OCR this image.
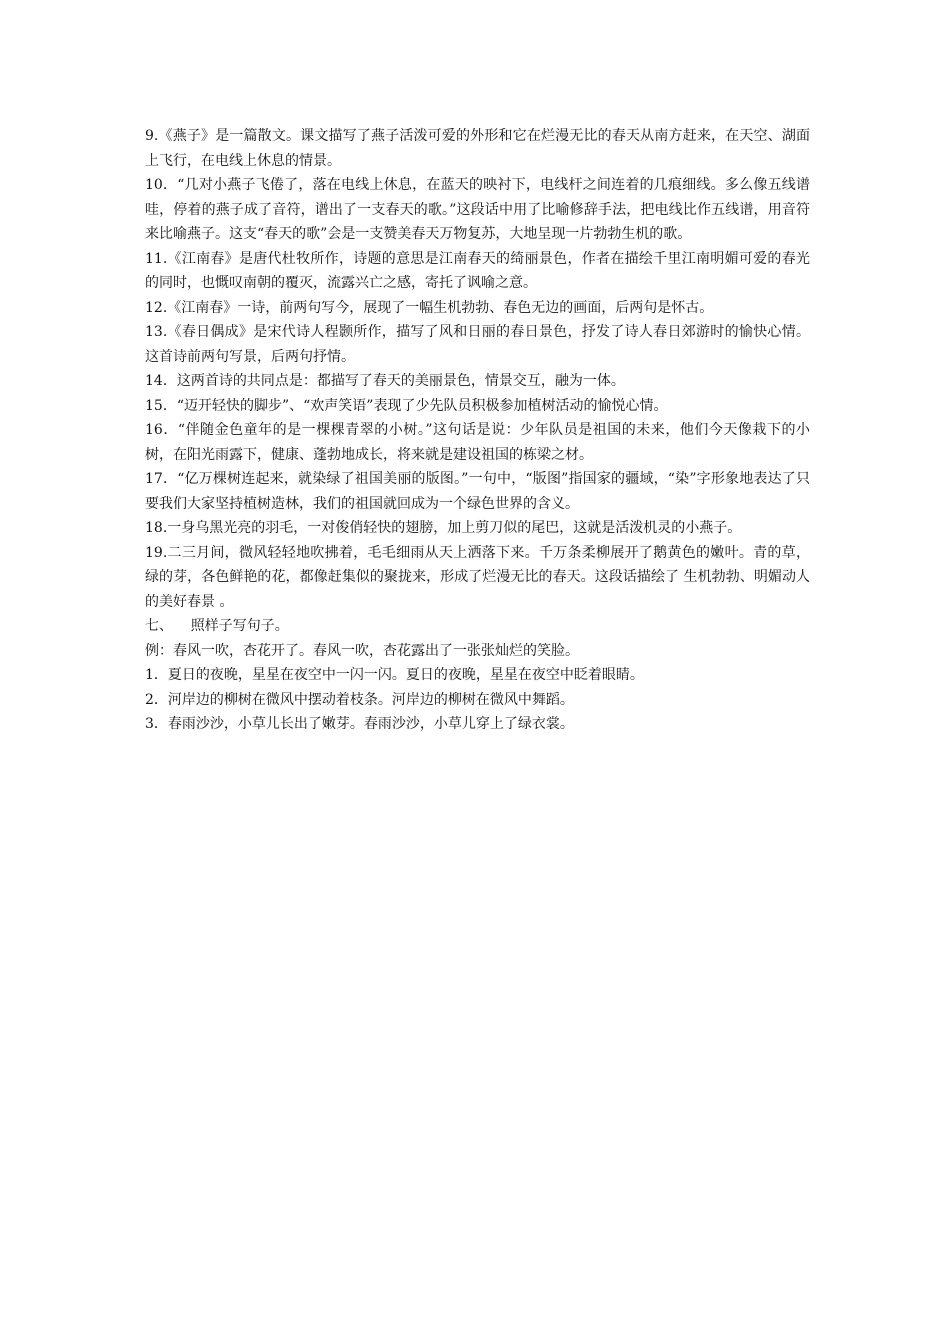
9.《燕子》是一篇散文。课文描写了燕子活泼可爱的外形和它在烂漫无比的春天从南方赶来，在天空、湖面上飞行，在电线上休息的情景。

10．“几对小燕子飞倦了，落在电线上休息，在蓝天的映衬下，电线杆之间连着的几痕细线。多么像五线谱哇，停着的燕子成了音符，谱出了一支春天的歌。”这段话中用了比喻修辞手法，把电线比作五线谱，用音符来比喻燕子。这支“春天的歌”会是一支赞美春天万物复苏，大地呈现一片勃勃生机的歌。

11.《江南春》是唐代杜牧所作，诗题的意思是江南春天的绮丽景色，作者在描绘千里江南明媚可爱的春光的同时，也慨叹南朝的覆灭，流露兴亡之感，寄托了讽喻之意。

12.《江南春》一诗，前两句写今，展现了一幅生机勃勃、春色无边的画面，后两句是怀古。

13.《春日偶成》是宋代诗人程颢所作，描写了风和日丽的春日景色，抒发了诗人春日郊游时的愉快心情。这首诗前两句写景，后两句抒情。

14．这两首诗的共同点是：都描写了春天的美丽景色，情景交互，融为一体。

15．“迈开轻快的脚步”、“欢声笑语”表现了少先队员积极参加植树活动的愉悦心情。

16．“伴随金色童年的是一棵棵青翠的小树。”这句话是说：少年队员是祖国的未来，他们今天像栽下的小树，在阳光雨露下，健康、蓬勃地成长，将来就是建设祖国的栋梁之材。

17．“亿万棵树连起来，就染绿了祖国美丽的版图。”一句中，“版图”指国家的疆域，“染”字形象地表达了只要我们大家坚持植树造林，我们的祖国就回成为一个绿色世界的含义。

18.一身乌黑光亮的羽毛，一对俊俏轻快的翅膀，加上剪刀似的尾巴，这就是活泼机灵的小燕子。

19.二三月间，微风轻轻地吹拂着，毛毛细雨从天上洒落下来。千万条柔柳展开了鹅黄色的嫩叶。青的草，绿的芽，各色鲜艳的花，都像赶集似的聚拢来，形成了烂漫无比的春天。这段话描绘了 生机勃勃、明媚动人的美好春景 。

七、    照样子写句子。

例：春风一吹，杏花开了。春风一吹，杏花露出了一张张灿烂的笑脸。

1．夏日的夜晚，星星在夜空中一闪一闪。夏日的夜晚，星星在夜空中眨着眼睛。

2．河岸边的柳树在微风中摆动着枝条。河岸边的柳树在微风中舞蹈。

3．春雨沙沙，小草儿长出了嫩芽。春雨沙沙，小草儿穿上了绿衣裳。
